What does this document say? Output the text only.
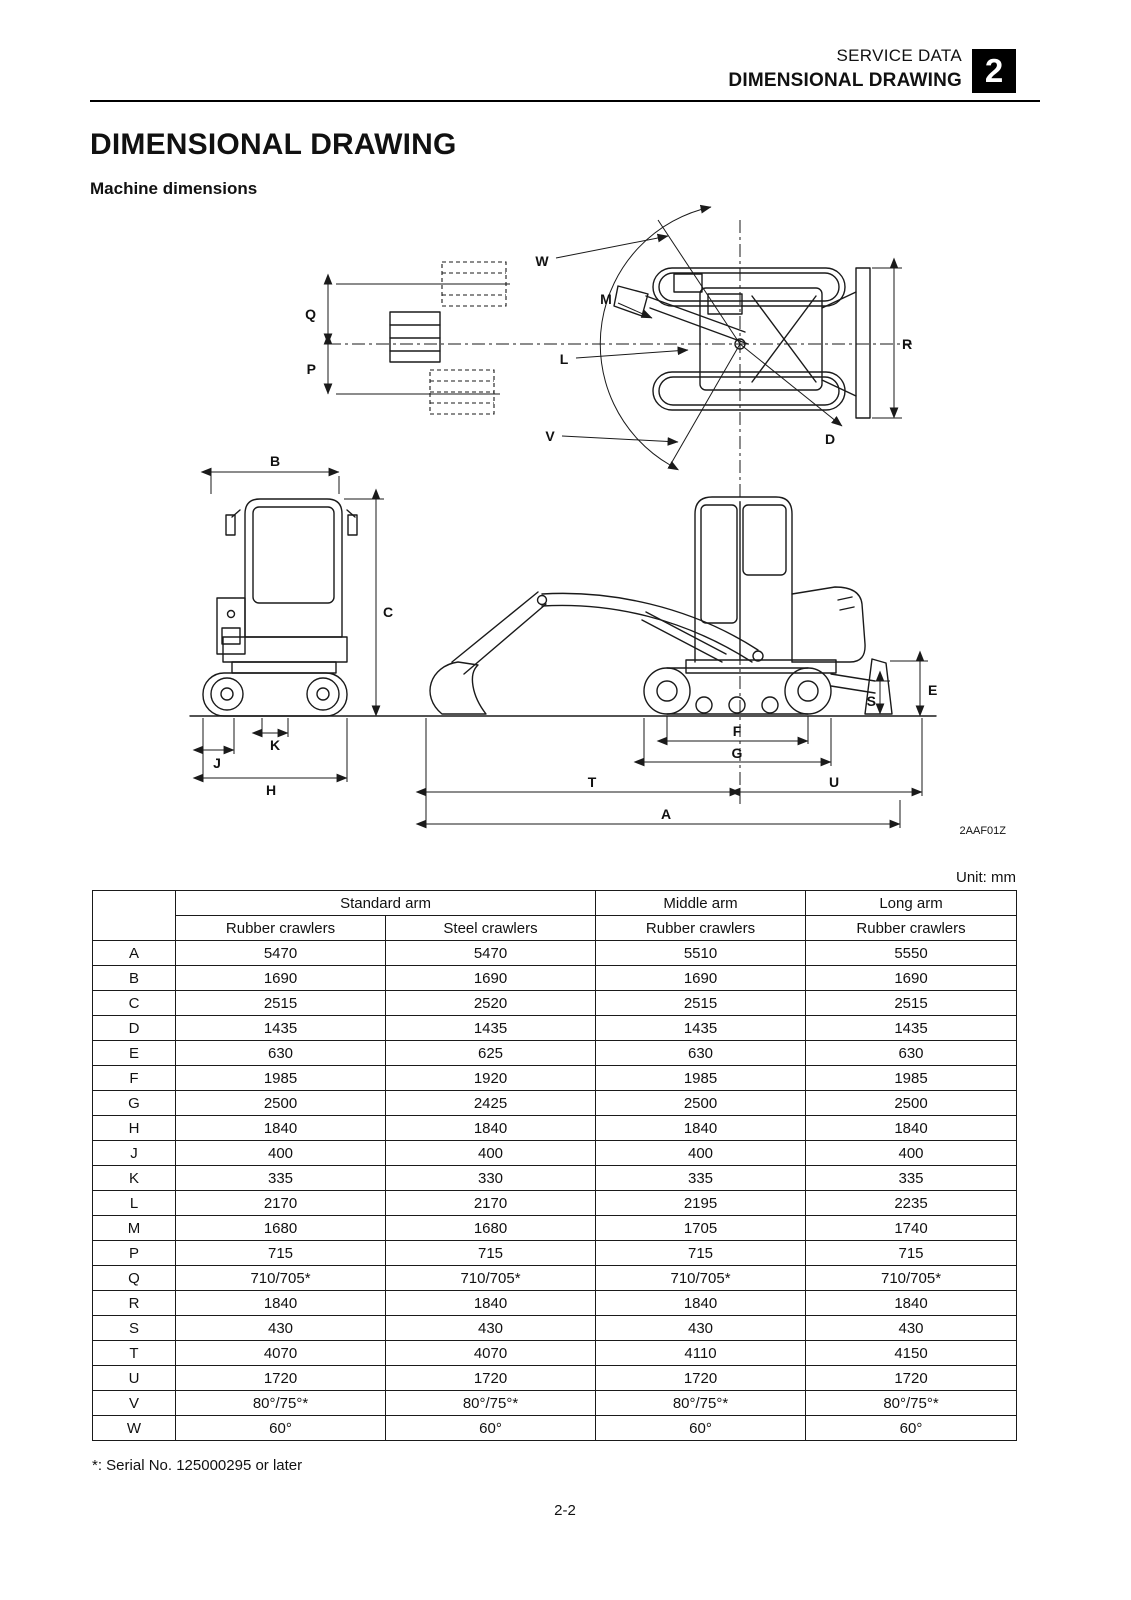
SERVICE DATA
DIMENSIONAL DRAWING 2
DIMENSIONAL DRAWING
Machine dimensions
W
M
Q
P
L
R
V	D
B
C
K
J
H
S
E
F
G
T	U
A
2AAF01Z
Unit: mm
	Standard arm		Middle arm	Long arm
	Rubber crawlers	Steel crawlers	Rubber crawlers	Rubber crawlers
A	5470	5470	5510	5550
B	1690	1690	1690	1690
C	2515	2520	2515	2515
D	1435	1435	1435	1435
E	630	625	630	630
F	1985	1920	1985	1985
G	2500	2425	2500	2500
H	1840	1840	1840	1840
J	400	400	400	400
K	335	330	335	335
L	2170	2170	2195	2235
M	1680	1680	1705	1740
P	715	715	715	715
Q	710/705*	710/705*	710/705*	710/705*
R	1840	1840	1840	1840
S	430	430	430	430
T	4070	4070	4110	4150
U	1720	1720	1720	1720
V	80°/75°*	80°/75°*	80°/75°*	80°/75°*
W	60°	60°	60°	60°
*: Serial No. 125000295 or later
2-2
